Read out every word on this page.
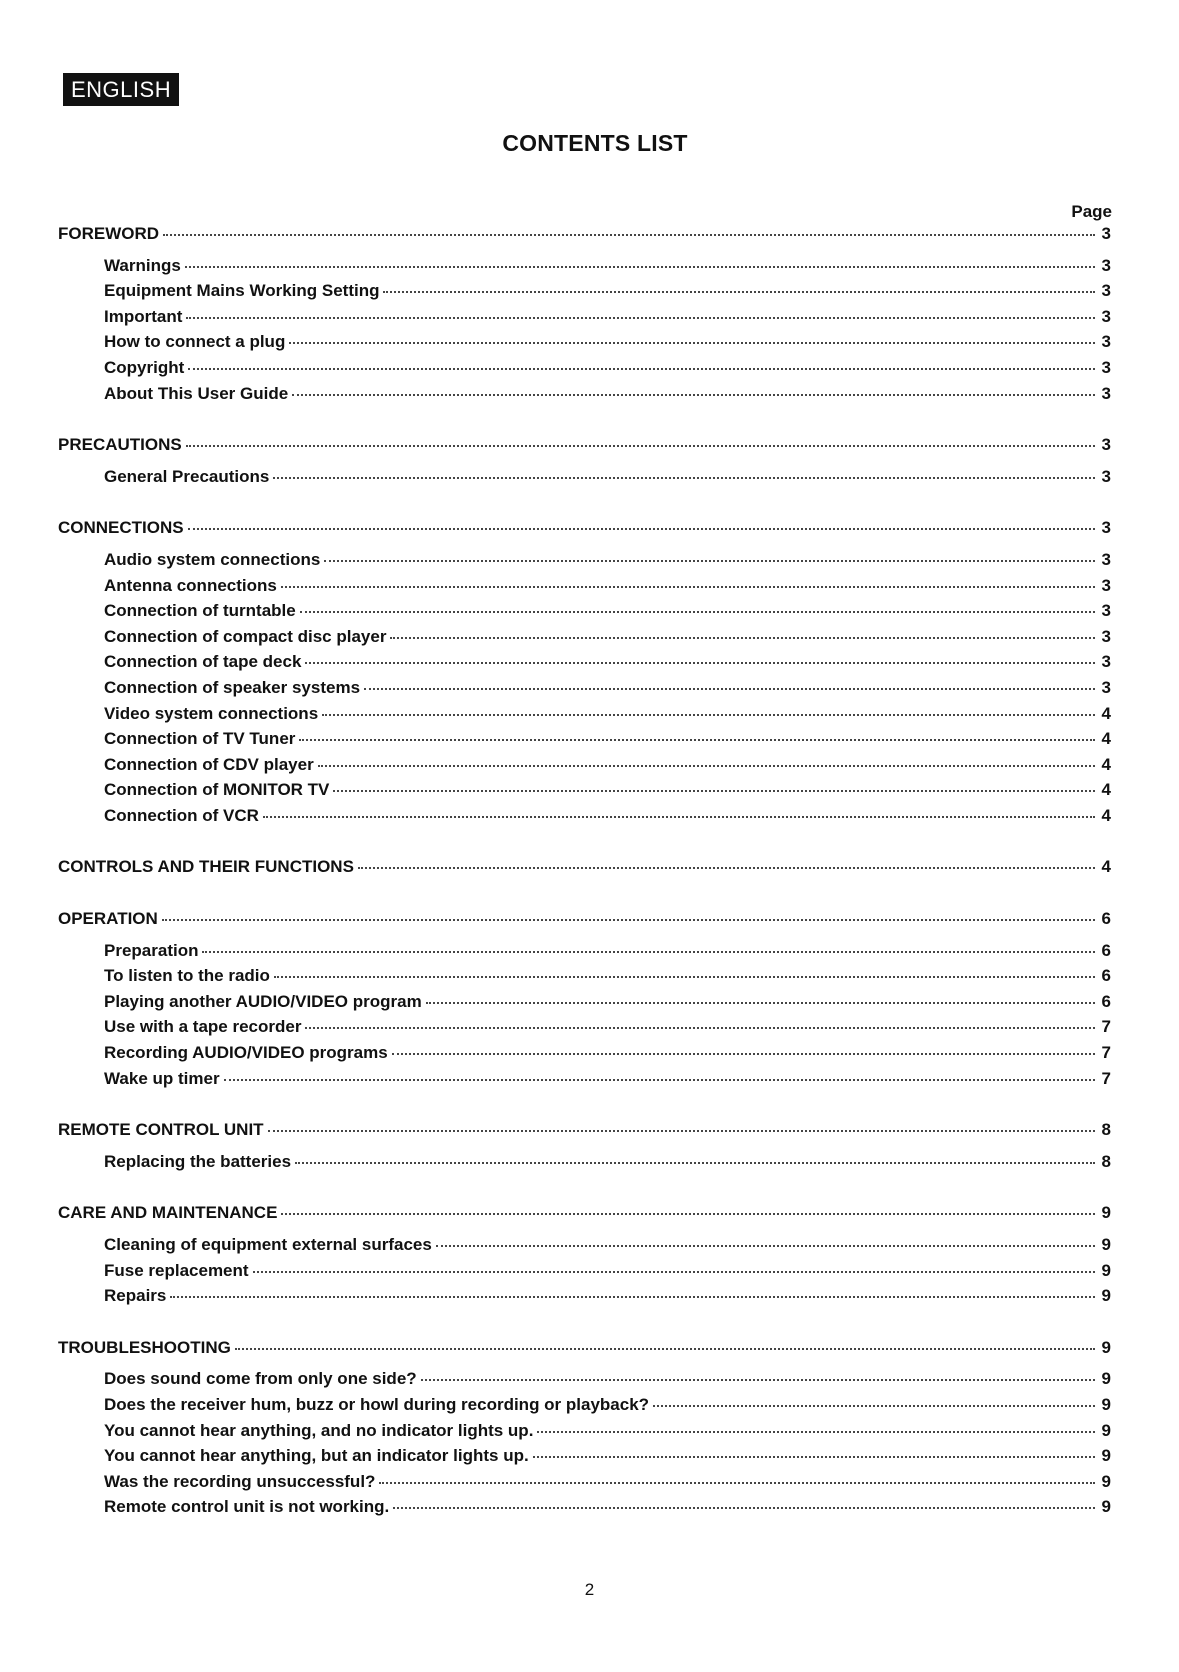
ENGLISH
CONTENTS LIST
Page
FOREWORD	3
Warnings	3
Equipment Mains Working Setting	3
Important	3
How to connect a plug	3
Copyright	3
About This User Guide	3
PRECAUTIONS	3
General Precautions	3
CONNECTIONS	3
Audio system connections	3
Antenna connections	3
Connection of turntable	3
Connection of compact disc player	3
Connection of tape deck	3
Connection of speaker systems	3
Video system connections	4
Connection of TV Tuner	4
Connection of CDV player	4
Connection of MONITOR TV	4
Connection of VCR	4
CONTROLS AND THEIR FUNCTIONS	4
OPERATION	6
Preparation	6
To listen to the radio	6
Playing another AUDIO/VIDEO program	6
Use with a tape recorder	7
Recording AUDIO/VIDEO programs	7
Wake up timer	7
REMOTE CONTROL UNIT	8
Replacing the batteries	8
CARE AND MAINTENANCE	9
Cleaning of equipment external surfaces	9
Fuse replacement	9
Repairs	9
TROUBLESHOOTING	9
Does sound come from only one side?	9
Does the receiver hum, buzz or howl during recording or playback?	9
You cannot hear anything, and no indicator lights up.	9
You cannot hear anything, but an indicator lights up.	9
Was the recording unsuccessful?	9
Remote control unit is not working.	9
2
